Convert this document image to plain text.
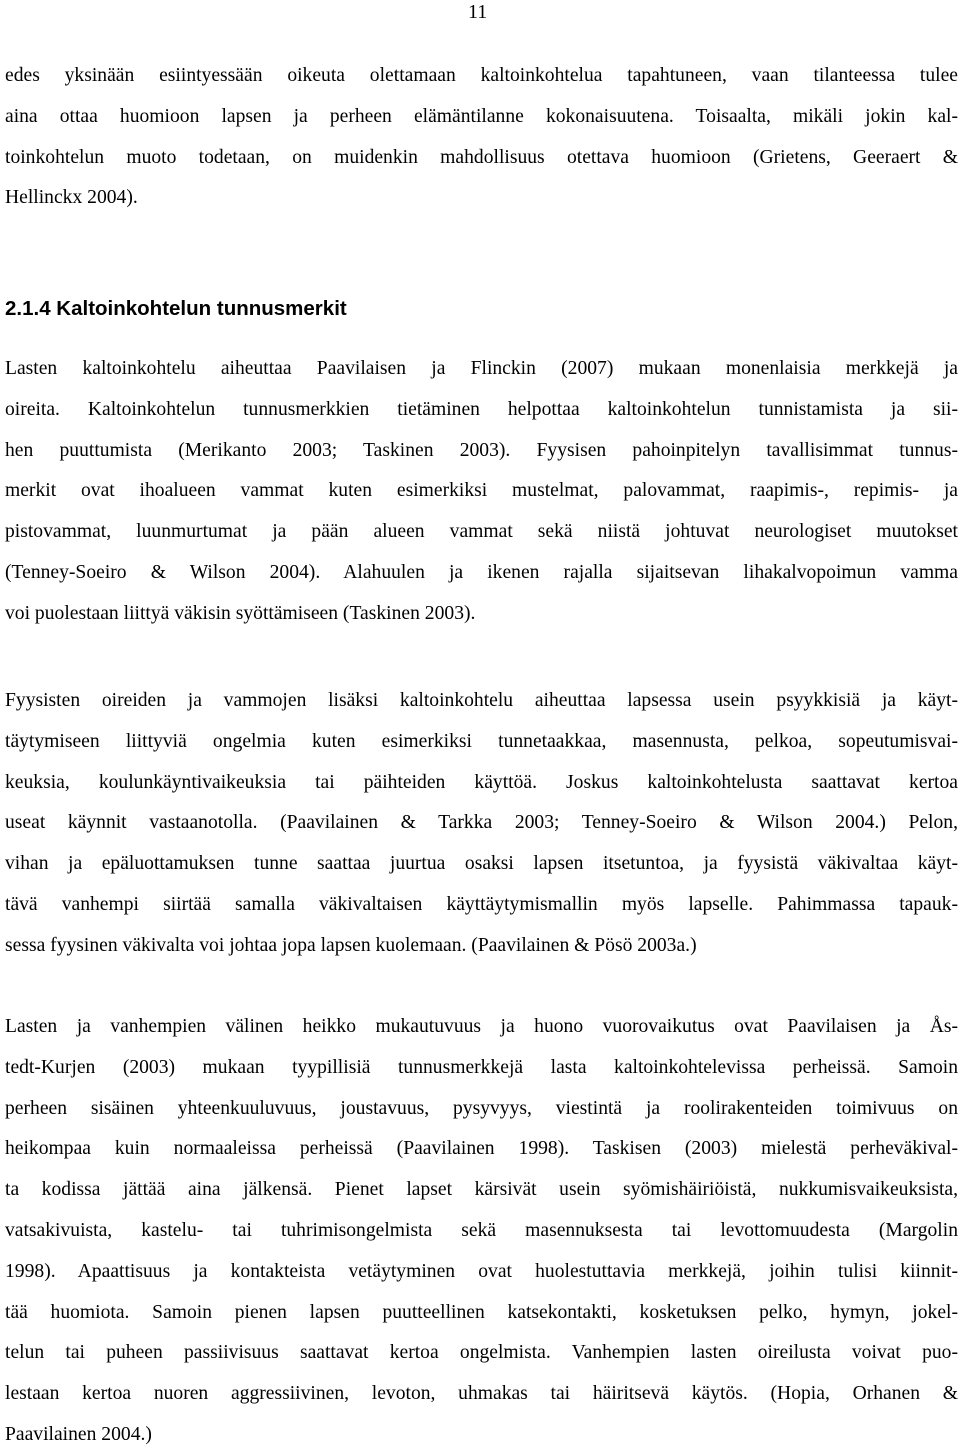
11
edes yksinään esiintyessään oikeuta olettamaan kaltoinkohtelua tapahtuneen, vaan tilanteessa tulee
aina ottaa huomioon lapsen ja perheen elämäntilanne kokonaisuutena. Toisaalta, mikäli jokin kal-
toinkohtelun muoto todetaan, on muidenkin mahdollisuus otettava huomioon (Grietens, Geeraert &
Hellinckx 2004).
2.1.4 Kaltoinkohtelun tunnusmerkit
Lasten kaltoinkohtelu aiheuttaa Paavilaisen ja Flinckin (2007) mukaan monenlaisia merkkejä ja
oireita. Kaltoinkohtelun tunnusmerkkien tietäminen helpottaa kaltoinkohtelun tunnistamista ja sii-
hen puuttumista (Merikanto 2003; Taskinen 2003). Fyysisen pahoinpitelyn tavallisimmat tunnus-
merkit ovat ihoalueen vammat kuten esimerkiksi mustelmat, palovammat, raapimis-, repimis- ja
pistovammat, luunmurtumat ja pään alueen vammat sekä niistä johtuvat neurologiset muutokset
(Tenney-Soeiro & Wilson 2004). Alahuulen ja ikenen rajalla sijaitsevan lihakalvopoimun vamma
voi puolestaan liittyä väkisin syöttämiseen (Taskinen 2003).
Fyysisten oireiden ja vammojen lisäksi kaltoinkohtelu aiheuttaa lapsessa usein psyykkisiä ja käyt-
täytymiseen liittyviä ongelmia kuten esimerkiksi tunnetaakkaa, masennusta, pelkoa, sopeutumisvai-
keuksia, koulunkäyntivaikeuksia tai päihteiden käyttöä. Joskus kaltoinkohtelusta saattavat kertoa
useat käynnit vastaanotolla. (Paavilainen & Tarkka 2003; Tenney-Soeiro & Wilson 2004.) Pelon,
vihan ja epäluottamuksen tunne saattaa juurtua osaksi lapsen itsetuntoa, ja fyysistä väkivaltaa käyt-
tävä vanhempi siirtää samalla väkivaltaisen käyttäytymismallin myös lapselle. Pahimmassa tapauk-
sessa fyysinen väkivalta voi johtaa jopa lapsen kuolemaan. (Paavilainen & Pösö 2003a.)
Lasten ja vanhempien välinen heikko mukautuvuus ja huono vuorovaikutus ovat Paavilaisen ja Ås-
tedt-Kurjen (2003) mukaan tyypillisiä tunnusmerkkejä lasta kaltoinkohtelevissa perheissä. Samoin
perheen sisäinen yhteenkuuluvuus, joustavuus, pysyvyys, viestintä ja roolirakenteiden toimivuus on
heikompaa kuin normaaleissa perheissä (Paavilainen 1998). Taskisen (2003) mielestä perheväkival-
ta kodissa jättää aina jälkensä. Pienet lapset kärsivät usein syömishäiriöistä, nukkumisvaikeuksista,
vatsakivuista, kastelu- tai tuhrimisongelmista sekä masennuksesta tai levottomuudesta (Margolin
1998). Apaattisuus ja kontakteista vetäytyminen ovat huolestuttavia merkkejä, joihin tulisi kiinnit-
tää huomiota. Samoin pienen lapsen puutteellinen katsekontakti, kosketuksen pelko, hymyn, jokel-
telun tai puheen passiivisuus saattavat kertoa ongelmista. Vanhempien lasten oireilusta voivat puo-
lestaan kertoa nuoren aggressiivinen, levoton, uhmakas tai häiritsevä käytös. (Hopia, Orhanen &
Paavilainen 2004.)
